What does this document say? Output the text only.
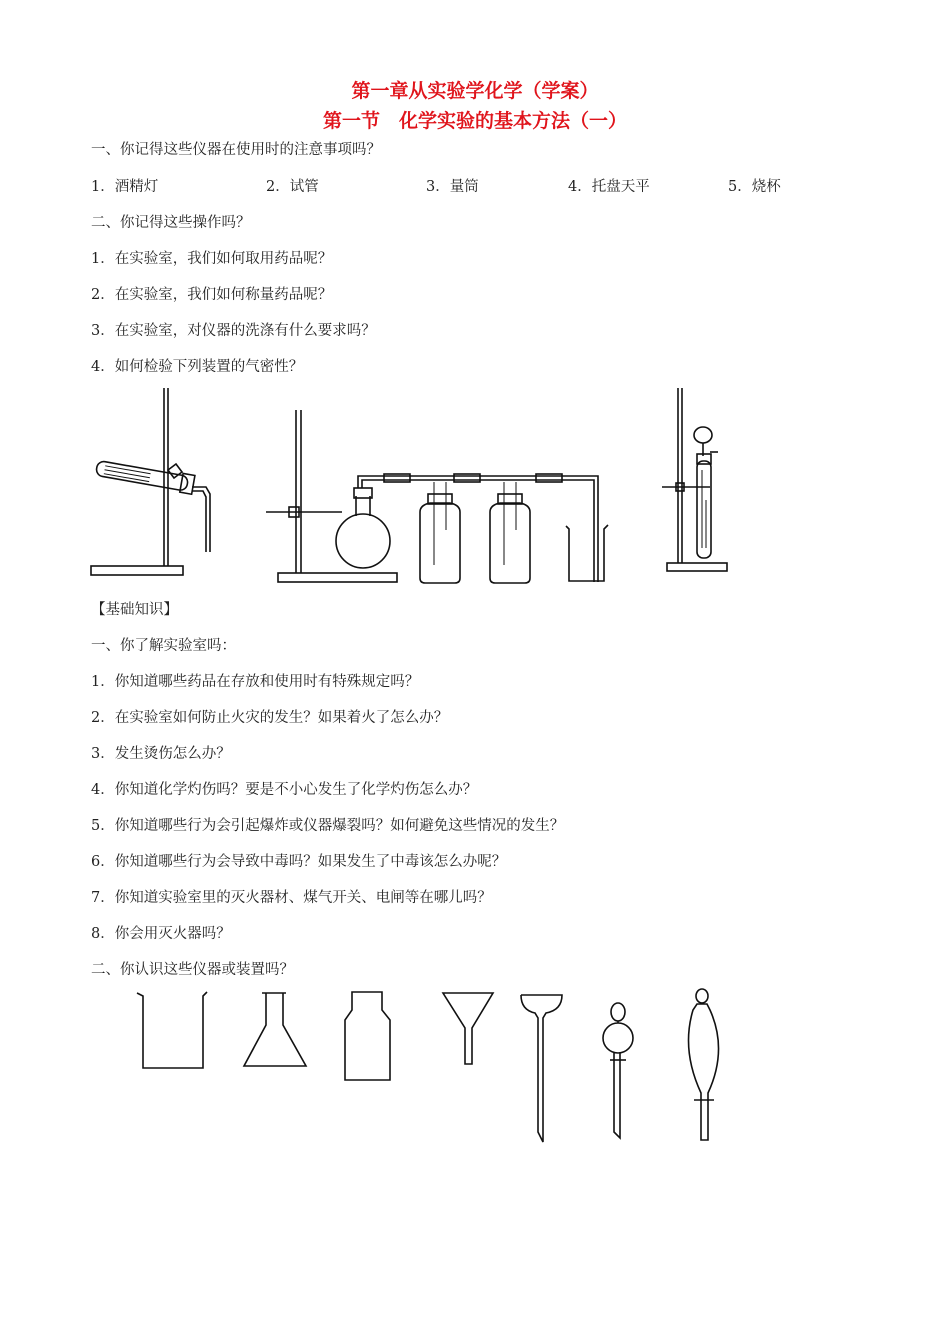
第一章从实验学化学（学案）
第一节　化学实验的基本方法（一）
一、你记得这些仪器在使用时的注意事项吗？
1．酒精灯	2．试管	3．量筒	4．托盘天平	5．烧杯
二、你记得这些操作吗？
1．在实验室，我们如何取用药品呢？
2．在实验室，我们如何称量药品呢？
3．在实验室，对仪器的洗涤有什么要求吗？
4．如何检验下列装置的气密性？
【基础知识】
一、你了解实验室吗：
1．你知道哪些药品在存放和使用时有特殊规定吗？
2．在实验室如何防止火灾的发生？如果着火了怎么办？
3．发生烫伤怎么办？
4．你知道化学灼伤吗？要是不小心发生了化学灼伤怎么办？
5．你知道哪些行为会引起爆炸或仪器爆裂吗？如何避免这些情况的发生？
6．你知道哪些行为会导致中毒吗？如果发生了中毒该怎么办呢？
7．你知道实验室里的灭火器材、煤气开关、电闸等在哪儿吗？
8．你会用灭火器吗？
二、你认识这些仪器或装置吗？
